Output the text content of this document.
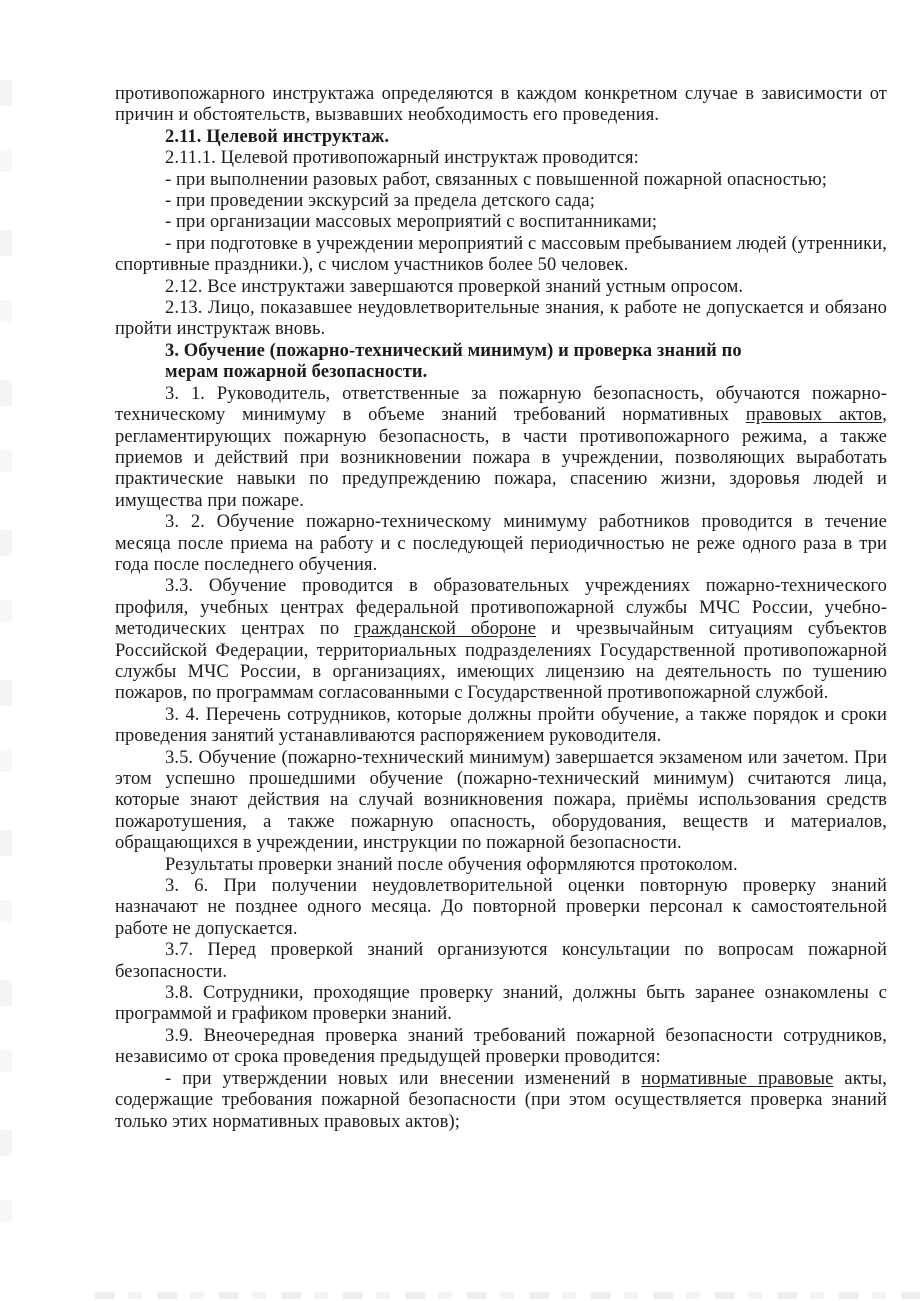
противопожарного инструктажа определяются в каждом конкретном случае в зависимости от причин и обстоятельств, вызвавших необходимость его проведения.
2.11. Целевой инструктаж.
2.11.1. Целевой противопожарный инструктаж проводится:
- при выполнении разовых работ, связанных с повышенной пожарной опасностью;
- при проведении экскурсий за предела детского сада;
- при организации массовых мероприятий с воспитанниками;
- при подготовке в учреждении мероприятий с массовым пребыванием людей (утренники, спортивные праздники.), с числом участников более 50 человек.
2.12. Все инструктажи завершаются проверкой знаний устным опросом.
2.13. Лицо, показавшее неудовлетворительные знания, к работе не допускается и обязано пройти инструктаж вновь.
3. Обучение (пожарно-технический минимум) и проверка знаний по
мерам пожарной безопасности.
3. 1. Руководитель, ответственные за пожарную безопасность, обучаются пожарно-техническому минимуму в объеме знаний требований нормативных правовых актов, регламентирующих пожарную безопасность, в части противопожарного режима, а также приемов и действий при возникновении пожара в учреждении, позволяющих выработать практические навыки по предупреждению пожара, спасению жизни, здоровья людей и имущества при пожаре.
3. 2. Обучение пожарно-техническому минимуму работников проводится в течение месяца после приема на работу и с последующей периодичностью не реже одного раза в три года после последнего обучения.
3.3. Обучение проводится в образовательных учреждениях пожарно-технического профиля, учебных центрах федеральной противопожарной службы МЧС России, учебно-методических центрах по гражданской обороне и чрезвычайным ситуациям субъектов Российской Федерации, территориальных подразделениях Государственной противопожарной службы МЧС России, в организациях, имеющих лицензию на деятельность по тушению пожаров, по программам согласованными с Государственной противопожарной службой.
3. 4. Перечень сотрудников, которые должны пройти обучение, а также порядок и сроки проведения занятий устанавливаются распоряжением руководителя.
3.5. Обучение (пожарно-технический минимум) завершается экзаменом или зачетом. При этом успешно прошедшими обучение (пожарно-технический минимум) считаются лица, которые знают действия на случай возникновения пожара, приёмы использования средств пожаротушения, а также пожарную опасность, оборудования, веществ и материалов, обращающихся в учреждении, инструкции по пожарной безопасности.
Результаты проверки знаний после обучения оформляются протоколом.
3. 6. При получении неудовлетворительной оценки повторную проверку знаний назначают не позднее одного месяца. До повторной проверки персонал к самостоятельной работе не допускается.
3.7. Перед проверкой знаний организуются консультации по вопросам пожарной безопасности.
3.8. Сотрудники, проходящие проверку знаний, должны быть заранее ознакомлены с программой и графиком проверки знаний.
3.9. Внеочередная проверка знаний требований пожарной безопасности сотрудников, независимо от срока проведения предыдущей проверки проводится:
- при утверждении новых или внесении изменений в нормативные правовые акты, содержащие требования пожарной безопасности (при этом осуществляется проверка знаний только этих нормативных правовых актов);
